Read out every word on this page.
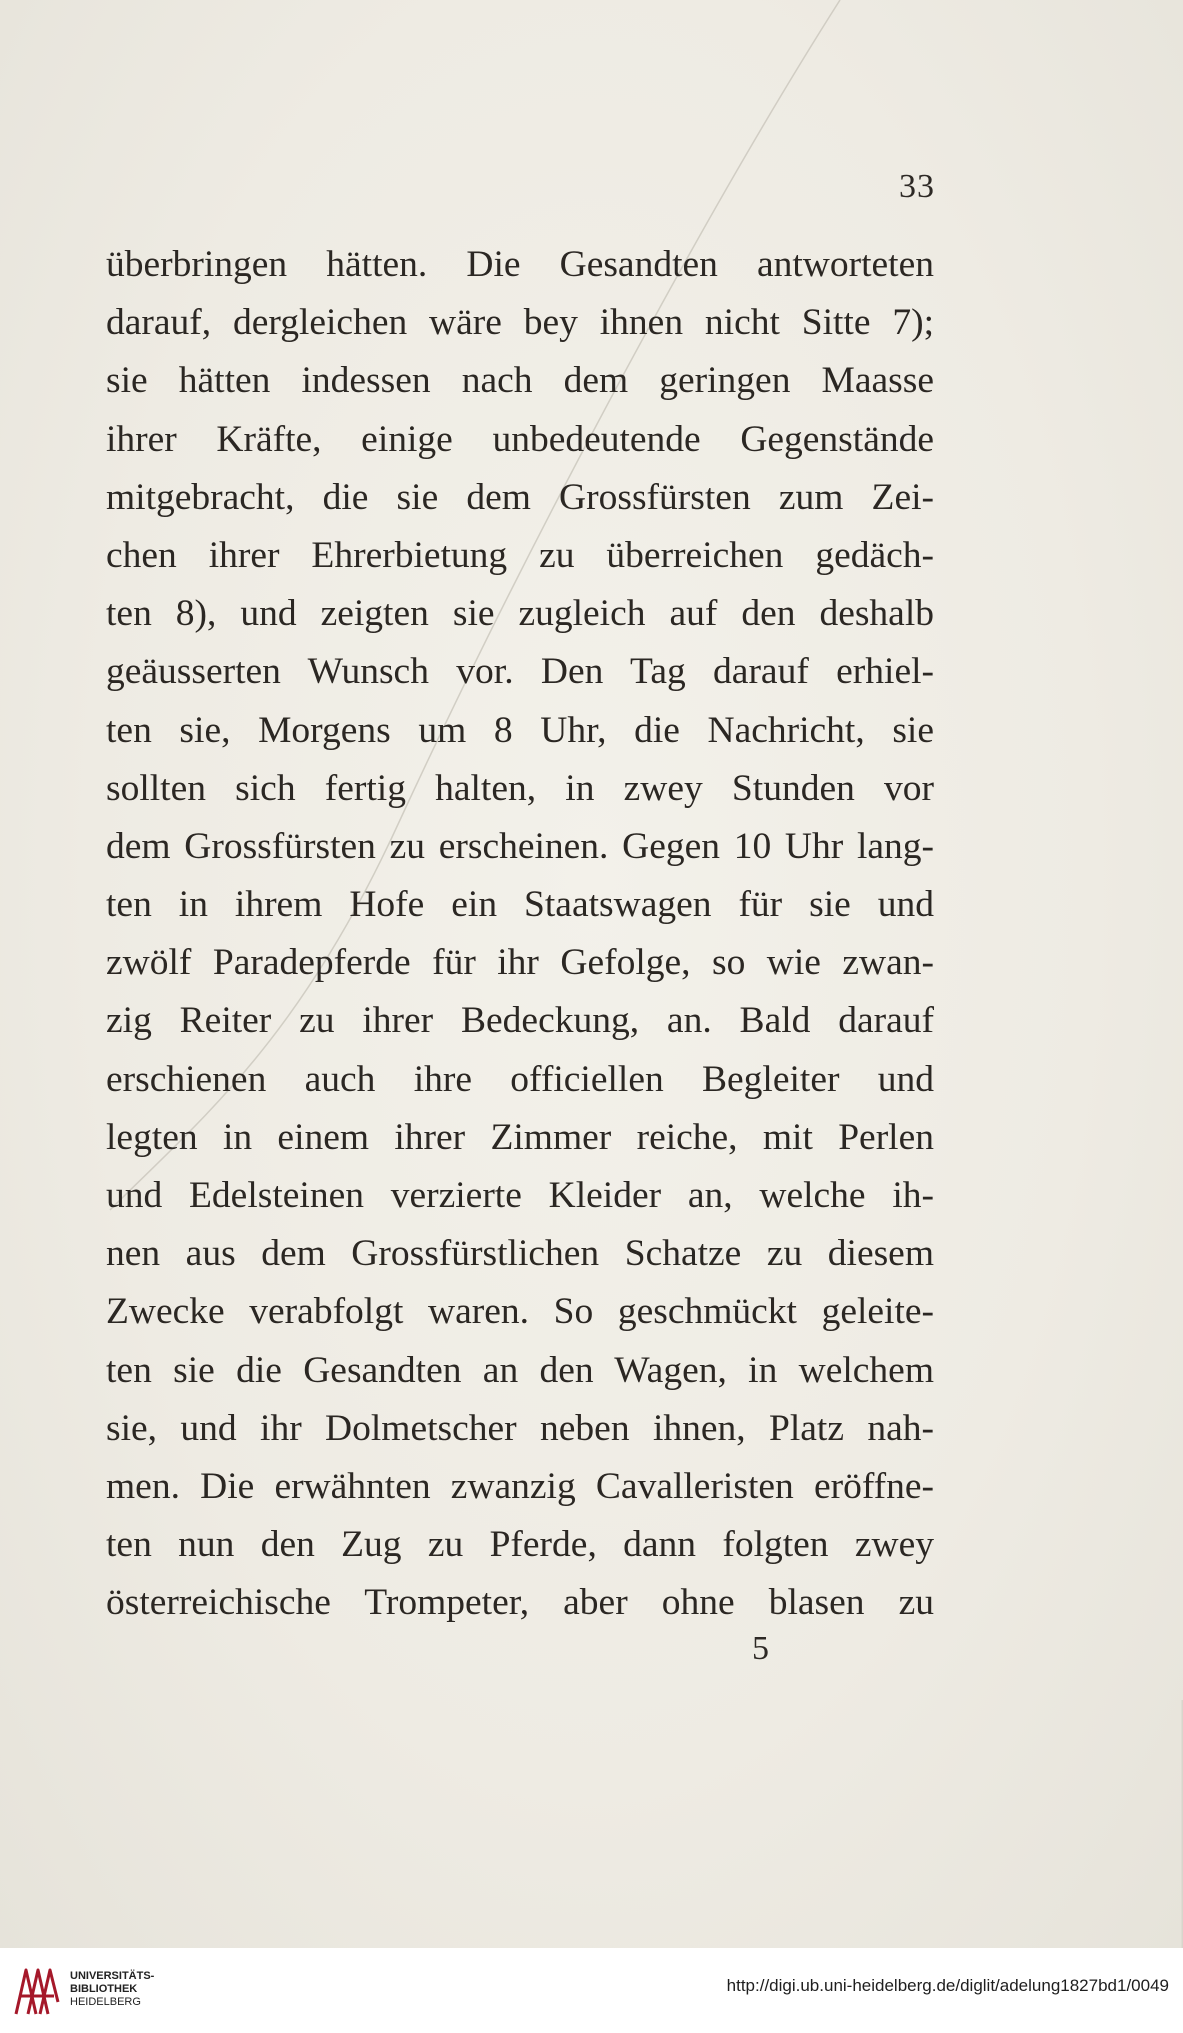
33
überbringen hätten. Die Gesandten antworteten
darauf, dergleichen wäre bey ihnen nicht Sitte 7);
sie hätten indessen nach dem geringen Maasse
ihrer Kräfte, einige unbedeutende Gegenstände
mitgebracht, die sie dem Grossfürsten zum Zei-
chen ihrer Ehrerbietung zu überreichen gedäch-
ten 8), und zeigten sie zugleich auf den deshalb
geäusserten Wunsch vor. Den Tag darauf erhiel-
ten sie, Morgens um 8 Uhr, die Nachricht, sie
sollten sich fertig halten, in zwey Stunden vor
dem Grossfürsten zu erscheinen. Gegen 10 Uhr lang-
ten in ihrem Hofe ein Staatswagen für sie und
zwölf Paradepferde für ihr Gefolge, so wie zwan-
zig Reiter zu ihrer Bedeckung, an. Bald darauf
erschienen auch ihre officiellen Begleiter und
legten in einem ihrer Zimmer reiche, mit Perlen
und Edelsteinen verzierte Kleider an, welche ih-
nen aus dem Grossfürstlichen Schatze zu diesem
Zwecke verabfolgt waren. So geschmückt geleite-
ten sie die Gesandten an den Wagen, in welchem
sie, und ihr Dolmetscher neben ihnen, Platz nah-
men. Die erwähnten zwanzig Cavalleristen eröffne-
ten nun den Zug zu Pferde, dann folgten zwey
österreichische Trompeter, aber ohne blasen zu
5
UNIVERSITÄTS-
BIBLIOTHEK
HEIDELBERG
http://digi.ub.uni-heidelberg.de/diglit/adelung1827bd1/0049
